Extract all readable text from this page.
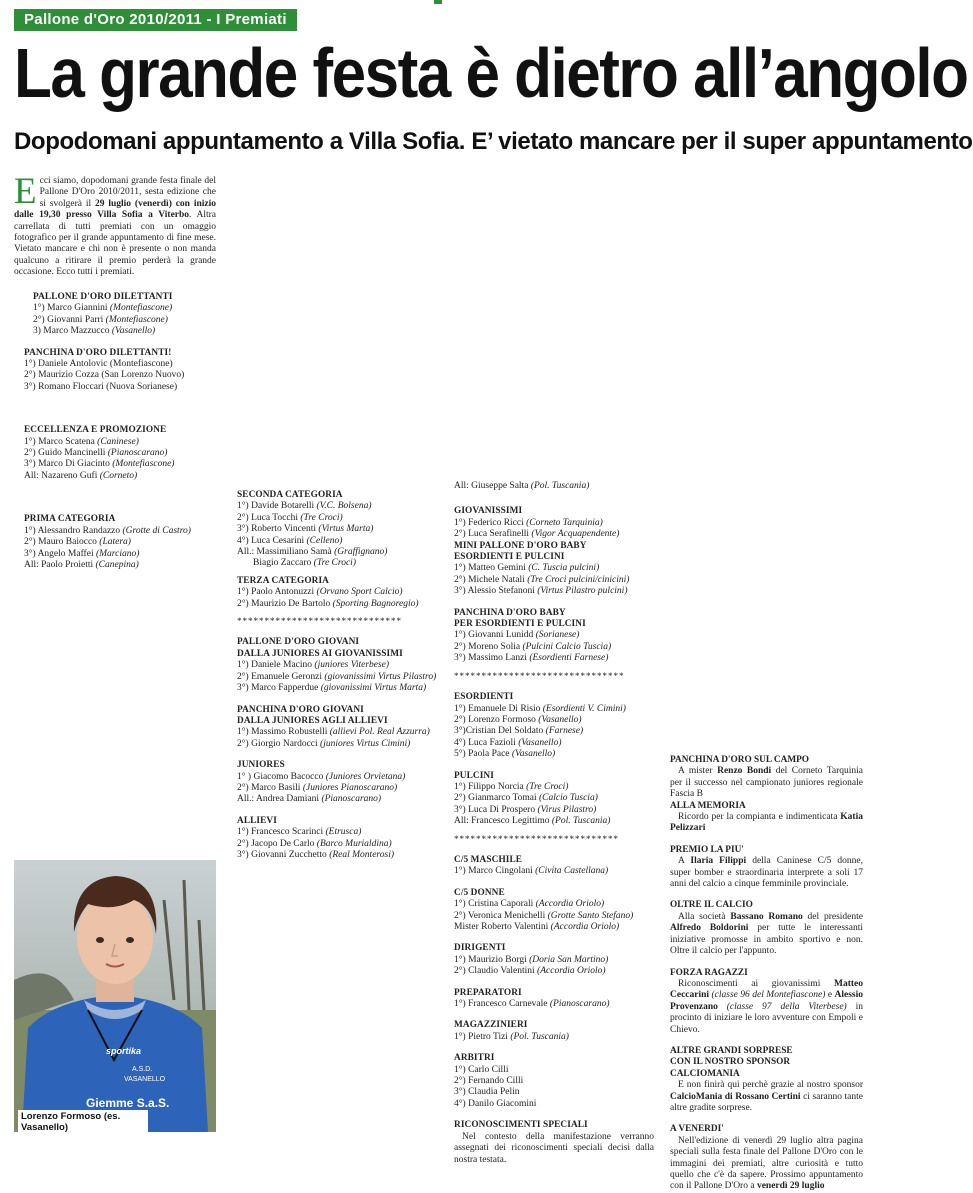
Pallone d'Oro 2010/2011 - I Premiati
La grande festa è dietro all’angolo
Dopodomani appuntamento a Villa Sofia. E’ vietato mancare per il super appuntamento
Ecci siamo, dopodomani grande festa finale del Pallone D'Oro 2010/2011, sesta edizione che si svolgerà il 29 luglio (venerdì) con inizio dalle 19,30 presso Villa Sofia a Viterbo. Altra carrellata di tutti premiati con un omaggio fotografico per il grande appuntamento di fine mese. Vietato mancare e chi non è presente o non manda qualcuno a ritirare il premio perderà la grande occasione. Ecco tutti i premiati.
PALLONE D'ORO DILETTANTI
1°) Marco Giannini (Montefiascone)
2°) Giovanni Parri (Montefiascone)
3) Marco Mazzucco (Vasanello)
PANCHINA D'ORO DILETTANTI!
1°) Daniele Antolovic (Montefiascone)
2°) Maurizio Cozza (San Lorenzo Nuovo)
3°) Romano Floccari (Nuova Sorianese)
ECCELLENZA E PROMOZIONE
1°) Marco Scatena (Caninese)
2°) Guido Mancinelli (Pianoscarano)
3°) Marco Di Giacinto (Montefiascone)
All: Nazareno Gufi (Corneto)
PRIMA CATEGORIA
1°) Alessandro Randazzo (Grotte di Castro)
2°) Mauro Baiocco (Latera)
3°) Angelo Maffei (Marciano)
All: Paolo Proietti (Canepina)
SECONDA CATEGORIA
1°) Davide Botarelli (V.C. Bolsena)
2°) Luca Tocchi (Tre Croci)
3°) Roberto Vincenti (Virtus Marta)
4°) Luca Cesarini (Celleno)
All.: Massimiliano Samà (Graffignano)
Biagio Zaccaro (Tre Croci)
TERZA CATEGORIA
1°) Paolo Antonuzzi (Orvano Sport Calcio)
2°) Maurizio De Bartolo (Sporting Bagnoregio)
******************************
PALLONE D'ORO GIOVANI
DALLA JUNIORES AI GIOVANISSIMI
1°) Daniele Macino (juniores Viterbese)
2°) Emanuele Geronzi (giovanissimi Virtus Pilastro)
3°) Marco Fapperdue (giovanissimi Virtus Marta)
PANCHINA D'ORO GIOVANI
DALLA JUNIORES AGLI ALLIEVI
1°) Massimo Robustelli (allievi Pol. Real Azzurra)
2°) Giorgio Nardocci (juniores Virtus Cimini)
JUNIORES
1° ) Giacomo Bacocco (Juniores Orvietana)
2°) Marco Basili (Juniores Pianoscarano)
All.: Andrea Damiani (Pianoscarano)
ALLIEVI
1°) Francesco Scarinci (Etrusca)
2°) Jacopo De Carlo (Barco Murialdina)
3°) Giovanni Zucchetto (Real Monterosi)
All: Giuseppe Salta (Pol. Tuscania)
GIOVANISSIMI
1°) Federico Ricci (Corneto Tarquinia)
2°) Luca Serafinelli (Vigor Acquapendente)
MINI PALLONE D'ORO BABY
ESORDIENTI E PULCINI
1°) Matteo Gemini (C. Tuscia pulcini)
2°) Michele Natali (Tre Croci pulcini/cinicini)
3°) Alessio Stefanoni (Virtus Pilastro pulcini)
PANCHINA D'ORO BABY
PER ESORDIENTI E PULCINI
1°) Giovanni Lunidd (Sorianese)
2°) Moreno Solia (Pulcini Calcio Tuscia)
3°) Massimo Lanzi (Esordienti Farnese)
*******************************
ESORDIENTI
1°) Emanuele Di Risio (Esordienti V. Cimini)
2°) Lorenzo Formoso (Vasanello)
3°)Cristian Del Soldato (Farnese)
4°) Luca Fazioli (Vasanello)
5°) Paola Pace (Vasanello)
PULCINI
1°) Filippo Norcia (Tre Croci)
2°) Gianmarco Tomai (Calcio Tuscia)
3°) Luca Di Prospero (Virus Pilastro)
All: Francesco Legittimo (Pol. Tuscania)
******************************
C/5 MASCHILE
1°) Marco Cingolani (Civita Castellana)
C/5 DONNE
1°) Cristina Caporali (Accordia Oriolo)
2°) Veronica Menichelli (Grotte Santo Stefano)
Mister Roberto Valentini (Accordia Oriolo)
DIRIGENTI
1°) Maurizio Borgi (Doria San Martino)
2°) Claudio Valentini (Accordia Oriolo)
PREPARATORI
1°) Francesco Carnevale (Pianoscarano)
MAGAZZINIERI
1°) Pietro Tizi (Pol. Tuscania)
ARBITRI
1°) Carlo Cilli
2°) Fernando Cilli
3°) Claudia Pelin
4°) Danilo Giacomini
RICONOSCIMENTI SPECIALI
Nel contesto della manifestazione verranno assegnati dei riconoscimenti speciali decisi dalla nostra testata.
PANCHINA D'ORO SUL CAMPO
A mister Renzo Bondi del Corneto Tarquinia per il successo nel campionato juniores regionale Fascia B
ALLA MEMORIA
Ricordo per la compianta e indimenticata Katia Pelizzari
PREMIO LA PIU'
A Ilaria Filippi della Caninese C/5 donne, super bomber e straordinaria interprete a soli 17 anni del calcio a cinque femminile provinciale.
OLTRE IL CALCIO
Alla società Bassano Romano del presidente Alfredo Boldorini per tutte le interessanti iniziative promosse in ambito sportivo e non. Oltre il calcio per l'appunto.
FORZA RAGAZZI
Riconoscimenti ai giovanissimi Matteo Ceccarini (classe 96 del Montefiascone) e Alessio Provenzano (classe 97 della Viterbese) in procinto di iniziare le loro avventure con Empoli e Chievo.
ALTRE GRANDI SORPRESE
CON IL NOSTRO SPONSOR
CALCIOMANIA
E non finirà qui perchè grazie al nostro sponsor CalcioMania di Rossano Certini ci saranno tante altre gradite sorprese.
A VENERDI'
Nell'edizione di venerdì 29 luglio altra pagina speciali sulla festa finale del Pallone D'Oro con le immagini dei premiati, altre curiosità e tutto quello che c'è da sapere. Prossimo appuntamento con il Pallone D'Oro a venerdì 29 luglio
sportika
A.S.D.
VASANELLO
Giemme S.a.S.
Lorenzo Formoso (es. Vasanello)
